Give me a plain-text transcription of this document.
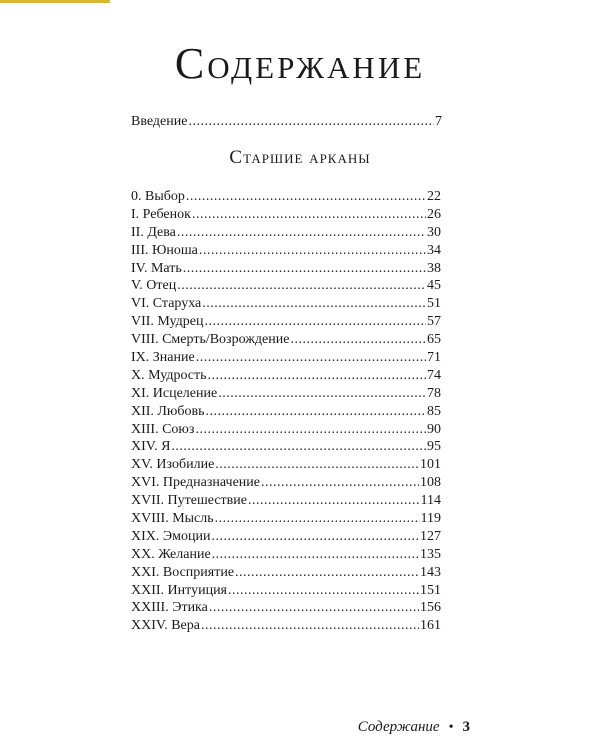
Содержание
Введение .....	7
Старшие арканы
0. Выбор .....	22
I. Ребенок .....	26
II. Дева .....	30
III. Юноша .....	34
IV. Мать .....	38
V. Отец .....	45
VI. Старуха .....	51
VII. Мудрец .....	57
VIII. Смерть/Возрождение .....	65
IX. Знание .....	71
X. Мудрость .....	74
XI. Исцеление .....	78
XII. Любовь .....	85
XIII. Союз .....	90
XIV. Я .....	95
XV. Изобилие .....	101
XVI. Предназначение .....	108
XVII. Путешествие .....	114
XVIII. Мысль .....	119
XIX. Эмоции .....	127
XX. Желание .....	135
XXI. Восприятие .....	143
XXII. Интуиция .....	151
XXIII. Этика .....	156
XXIV. Вера .....	161
Содержание • 3
